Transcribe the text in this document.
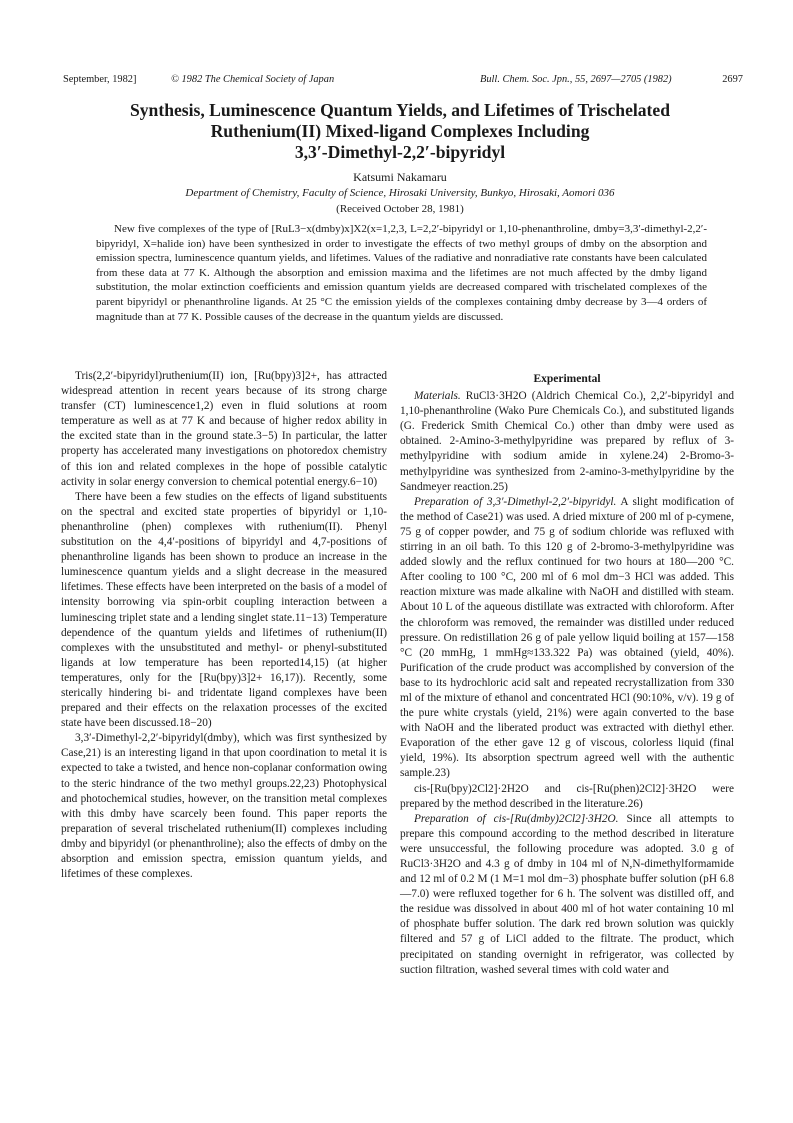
September, 1982]	© 1982 The Chemical Society of Japan	Bull. Chem. Soc. Jpn., 55, 2697—2705 (1982)	2697
Synthesis, Luminescence Quantum Yields, and Lifetimes of Trischelated
Ruthenium(II) Mixed-ligand Complexes Including
3,3′-Dimethyl-2,2′-bipyridyl
Katsumi Nakamaru
Department of Chemistry, Faculty of Science, Hirosaki University, Bunkyo, Hirosaki, Aomori 036
(Received October 28, 1981)

New five complexes of the type of [RuL3−x(dmby)x]X2(x=1,2,3, L=2,2′-bipyridyl or 1,10-phenanthroline, dmby=3,3′-dimethyl-2,2′-bipyridyl, X=halide ion) have been synthesized in order to investigate the effects of two methyl groups of dmby on the absorption and emission spectra, luminescence quantum yields, and lifetimes. Values of the radiative and nonradiative rate constants have been calculated from these data at 77 K. Although the absorption and emission maxima and the lifetimes are not much affected by the dmby ligand substitution, the molar extinction coefficients and emission quantum yields are decreased compared with trischelated complexes of the parent bipyridyl or phenanthroline ligands. At 25 °C the emission yields of the complexes containing dmby decrease by 3—4 orders of magnitude than at 77 K. Possible causes of the decrease in the quantum yields are discussed.

Tris(2,2′-bipyridyl)ruthenium(II) ion, [Ru(bpy)3]2+, has attracted widespread attention in recent years because of its strong charge transfer (CT) luminescence1,2) even in fluid solutions at room temperature as well as at 77 K and because of higher redox ability in the excited state than in the ground state.3−5) In particular, the latter property has accelerated many investigations on photoredox chemistry of this ion and related complexes in the hope of possible catalytic activity in solar energy conversion to chemical potential energy.6−10)

There have been a few studies on the effects of ligand substituents on the spectral and excited state properties of bipyridyl or 1,10-phenanthroline (phen) complexes with ruthenium(II). Phenyl substitution on the 4,4′-positions of bipyridyl and 4,7-positions of phenanthroline ligands has been shown to produce an increase in the luminescence quantum yields and a slight decrease in the measured lifetimes. These effects have been interpreted on the basis of a model of intensity borrowing via spin-orbit coupling interaction between a luminescing triplet state and a lending singlet state.11−13) Temperature dependence of the quantum yields and lifetimes of ruthenium(II) complexes with the unsubstituted and methyl- or phenyl-substituted ligands at low temperature has been reported14,15) (at higher temperatures, only for the [Ru(bpy)3]2+ 16,17)). Recently, some sterically hindering bi- and tridentate ligand complexes have been prepared and their effects on the relaxation processes of the excited state have been discussed.18−20)

3,3′-Dimethyl-2,2′-bipyridyl(dmby), which was first synthesized by Case,21) is an interesting ligand in that upon coordination to metal it is expected to take a twisted, and hence non-coplanar conformation owing to the steric hindrance of the two methyl groups.22,23) Photophysical and photochemical studies, however, on the transition metal complexes with this dmby have scarcely been found. This paper reports the preparation of several trischelated ruthenium(II) complexes including dmby and bipyridyl (or phenanthroline); also the effects of dmby on the absorption and emission spectra, emission quantum yields, and lifetimes of these complexes.

Experimental

Materials. RuCl3·3H2O (Aldrich Chemical Co.), 2,2′-bipyridyl and 1,10-phenanthroline (Wako Pure Chemicals Co.), and substituted ligands (G. Frederick Smith Chemical Co.) other than dmby were used as obtained. 2-Amino-3-methylpyridine was prepared by reflux of 3-methylpyridine with sodium amide in xylene.24) 2-Bromo-3-methylpyridine was synthesized from 2-amino-3-methylpyridine by the Sandmeyer reaction.25)

Preparation of 3,3′-Dimethyl-2,2′-bipyridyl. A slight modification of the method of Case21) was used. A dried mixture of 200 ml of p-cymene, 75 g of copper powder, and 75 g of sodium chloride was refluxed with stirring in an oil bath. To this 120 g of 2-bromo-3-methylpyridine was added slowly and the reflux continued for two hours at 180—200 °C. After cooling to 100 °C, 200 ml of 6 mol dm−3 HCl was added. This reaction mixture was made alkaline with NaOH and distilled with steam. About 10 L of the aqueous distillate was extracted with chloroform. After the chloroform was removed, the remainder was distilled under reduced pressure. On redistillation 26 g of pale yellow liquid boiling at 157—158 °C (20 mmHg, 1 mmHg≈133.322 Pa) was obtained (yield, 40%). Purification of the crude product was accomplished by conversion of the base to its hydrochloric acid salt and repeated recrystallization from 330 ml of the mixture of ethanol and concentrated HCl (90:10%, v/v). 19 g of the pure white crystals (yield, 21%) were again converted to the base with NaOH and the liberated product was extracted with diethyl ether. Evaporation of the ether gave 12 g of viscous, colorless liquid (final yield, 19%). Its absorption spectrum agreed well with the authentic sample.23)

cis-[Ru(bpy)2Cl2]·2H2O and cis-[Ru(phen)2Cl2]·3H2O were prepared by the method described in the literature.26)

Preparation of cis-[Ru(dmby)2Cl2]·3H2O. Since all attempts to prepare this compound according to the method described in literature were unsuccessful, the following procedure was adopted. 3.0 g of RuCl3·3H2O and 4.3 g of dmby in 104 ml of N,N-dimethylformamide and 12 ml of 0.2 M (1 M=1 mol dm−3) phosphate buffer solution (pH 6.8—7.0) were refluxed together for 6 h. The solvent was distilled off, and the residue was dissolved in about 400 ml of hot water containing 10 ml of phosphate buffer solution. The dark red brown solution was quickly filtered and 57 g of LiCl added to the filtrate. The product, which precipitated on standing overnight in refrigerator, was collected by suction filtration, washed several times with cold water and
